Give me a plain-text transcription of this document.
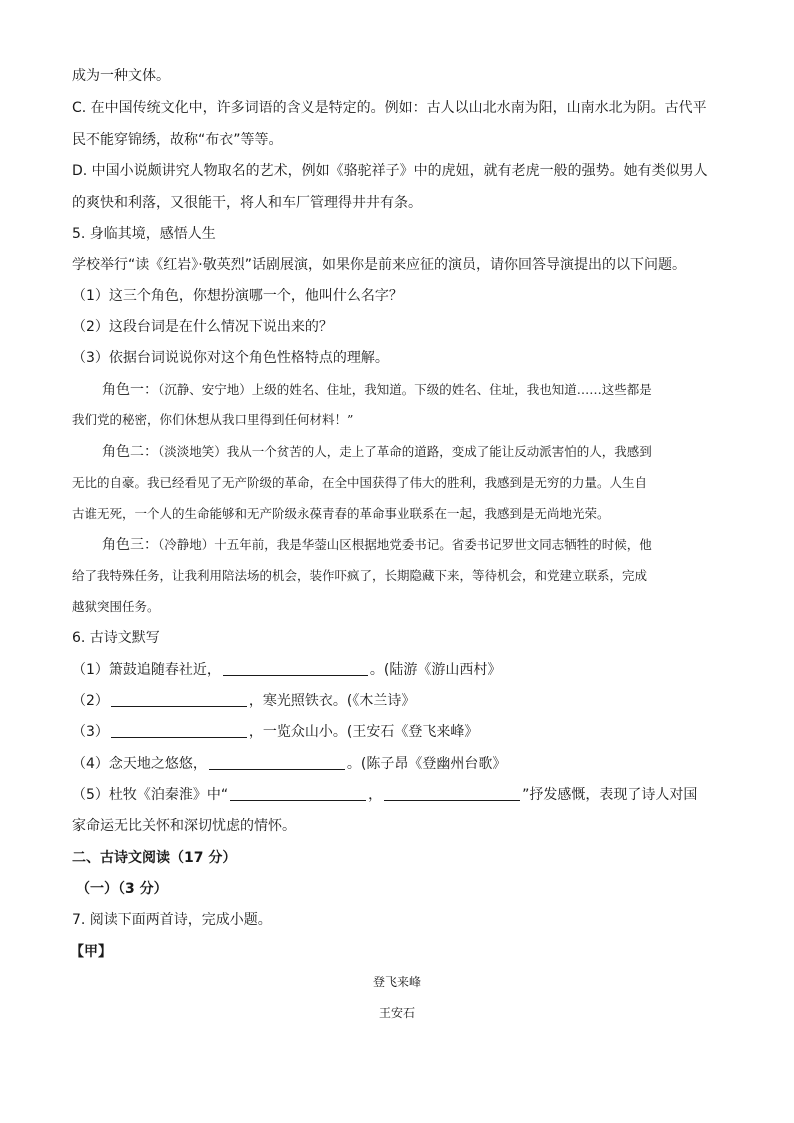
成为一种文体。
C. 在中国传统文化中，许多词语的含义是特定的。例如：古人以山北水南为阳，山南水北为阴。古代平
民不能穿锦绣，故称“布衣”等等。
D. 中国小说颇讲究人物取名的艺术，例如《骆驼祥子》中的虎妞，就有老虎一般的强势。她有类似男人
的爽快和利落，又很能干，将人和车厂管理得井井有条。
5. 身临其境，感悟人生
学校举行“读《红岩》·敬英烈”话剧展演，如果你是前来应征的演员，请你回答导演提出的以下问题。
（1）这三个角色，你想扮演哪一个，他叫什么名字？
（2）这段台词是在什么情况下说出来的？
（3）依据台词说说你对这个角色性格特点的理解。
角色一：（沉静、安宁地）上级的姓名、住址，我知道。下级的姓名、住址，我也知道……这些都是
我们党的秘密，你们休想从我口里得到任何材料！”
角色二：（淡淡地笑）我从一个贫苦的人，走上了革命的道路，变成了能让反动派害怕的人，我感到
无比的自豪。我已经看见了无产阶级的革命，在全中国获得了伟大的胜利，我感到是无穷的力量。人生自
古谁无死，一个人的生命能够和无产阶级永葆青春的革命事业联系在一起，我感到是无尚地光荣。
角色三：（冷静地）十五年前，我是华蓥山区根据地党委书记。省委书记罗世文同志牺牲的时候，他
给了我特殊任务，让我利用陪法场的机会，装作吓疯了，长期隐藏下来，等待机会，和党建立联系，完成
越狱突围任务。
6. 古诗文默写
（1）箫鼓追随春社近，	。(陆游《游山西村》
（2）	，寒光照铁衣。(《木兰诗》
（3）	，一览众山小。(王安石《登飞来峰》
（4）念天地之悠悠，	。(陈子昂《登幽州台歌》
（5）杜牧《泊秦淮》中“	，	”抒发感慨，表现了诗人对国
家命运无比关怀和深切忧虑的情怀。
二、古诗文阅读（17 分）
（一）（3 分）
7. 阅读下面两首诗，完成小题。
【甲】
登飞来峰
王安石
